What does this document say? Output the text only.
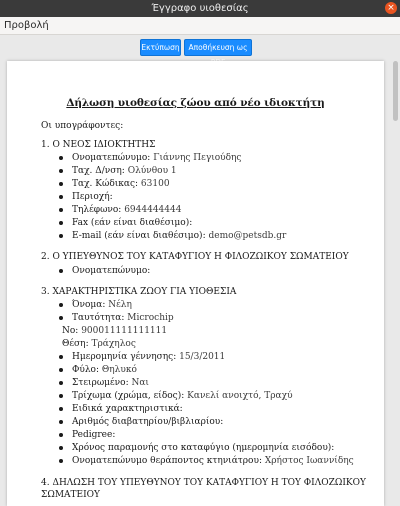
Έγγραφο υιοθεσίας	×
Προβολή
Εκτύπωση	Αποθήκευση ως
Δήλωση υιοθεσίας ζώου από νέο ιδιοκτήτη
Οι υπογράφοντες:
1. Ο ΝΕΟΣ ΙΔΙΟΚΤΗΤΗΣ
Ονοματεπώνυμο: Γιάννης Πεγιούδης
Ταχ. Δ/νση: Ολύνθου 1
Ταχ. Κώδικας: 63100
Περιοχή:
Τηλέφωνο: 6944444444
Fax (εάν είναι διαθέσιμο):
E-mail (εάν είναι διαθέσιμο): demo@petsdb.gr
2. Ο ΥΠΕΥΘΥΝΟΣ ΤΟΥ ΚΑΤΑΦΥΓΙΟΥ Η ΦΙΛΟΖΩΙΚΟΥ ΣΩΜΑΤΕΙΟΥ
Ονοματεπώνυμο:
3. ΧΑΡΑΚΤΗΡΙΣΤΙΚΑ ΖΩΟΥ ΓΙΑ ΥΙΟΘΕΣΙΑ
Όνομα: Νέλη
Ταυτότητα: Microchip
Νο: 900011111111111
Θέση: Τράχηλος
Ημερομηνία γέννησης: 15/3/2011
Φύλο: Θηλυκό
Στειρωμένο: Ναι
Τρίχωμα (χρώμα, είδος): Κανελί ανοιχτό, Τραχύ
Ειδικά χαρακτηριστικά:
Αριθμός διαβατηρίου/βιβλιαρίου:
Pedigree:
Χρόνος παραμονής στο καταφύγιο (ημερομηνία εισόδου):
Ονοματεπώνυμο θεράποντος κτηνιάτρου: Χρήστος Ιωαννίδης
4. ΔΗΛΩΣΗ ΤΟΥ ΥΠΕΥΘΥΝΟΥ ΤΟΥ ΚΑΤΑΦΥΓΙΟΥ Η ΤΟΥ ΦΙΛΟΖΩΙΚΟΥ
ΣΩΜΑΤΕΙΟΥ
